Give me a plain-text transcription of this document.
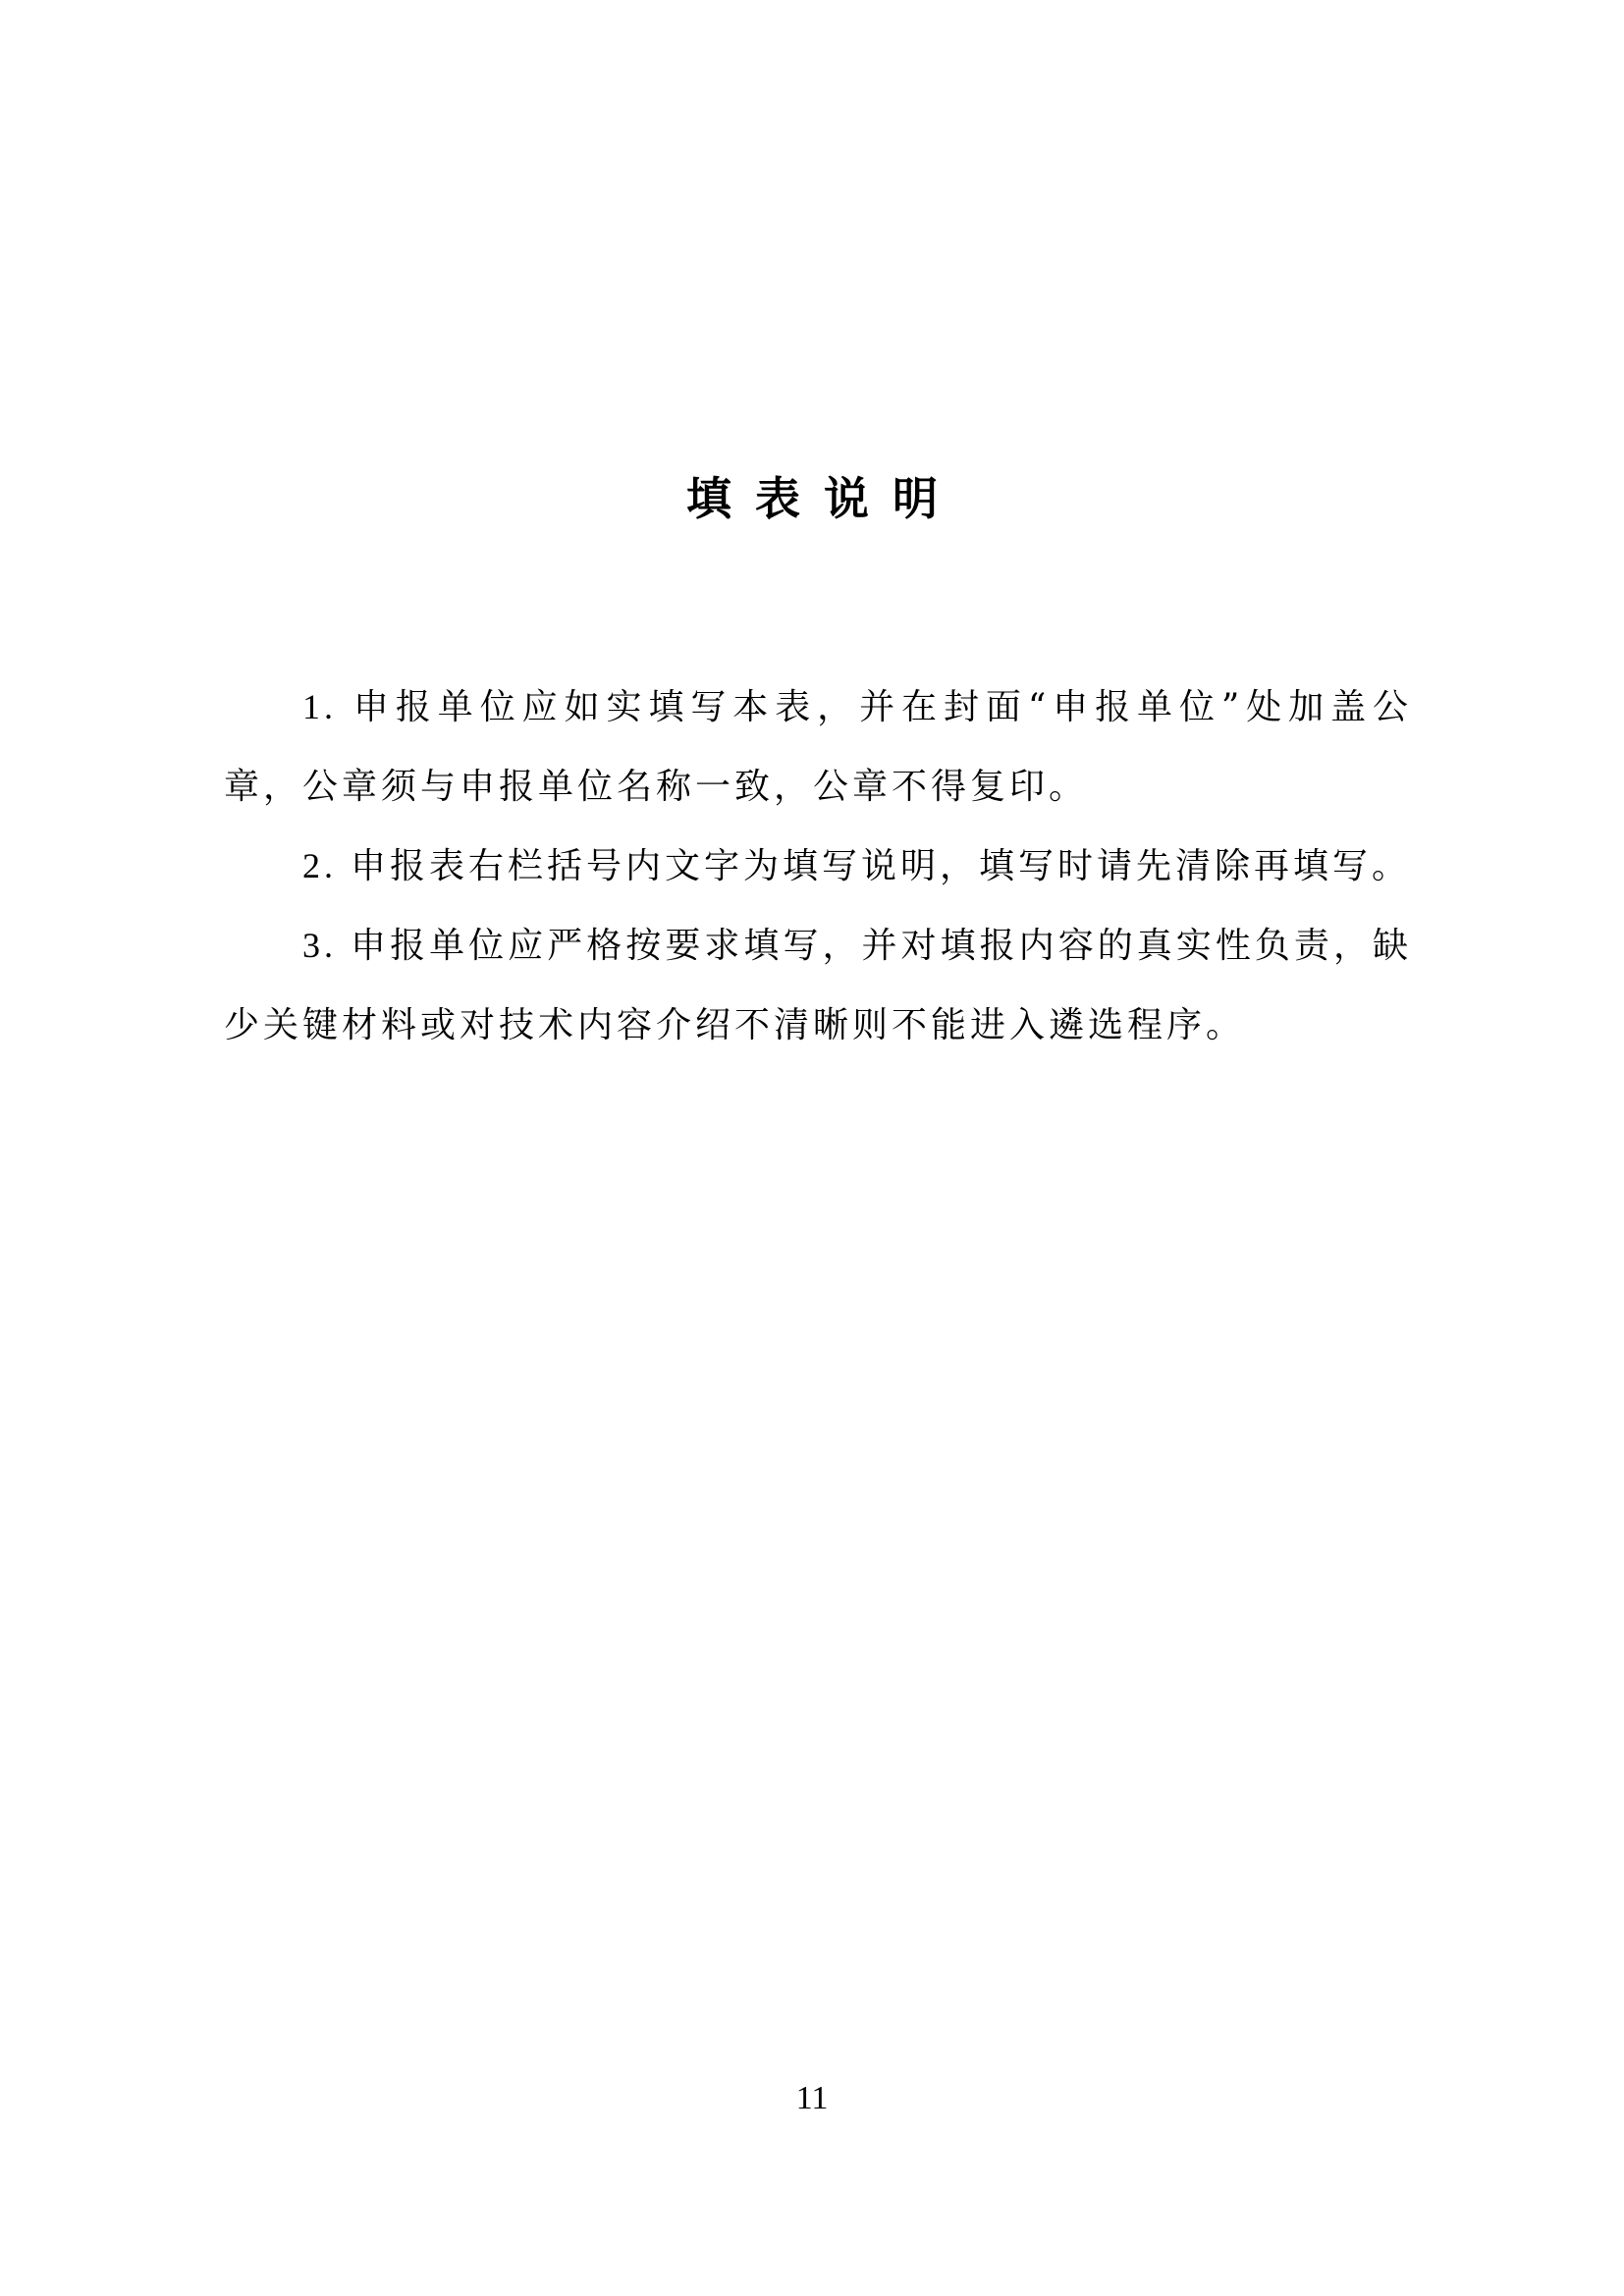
填表说明

1. 申报单位应如实填写本表，并在封面“申报单位”处加盖公章，公章须与申报单位名称一致，公章不得复印。

2. 申报表右栏括号内文字为填写说明，填写时请先清除再填写。

3. 申报单位应严格按要求填写，并对填报内容的真实性负责，缺少关键材料或对技术内容介绍不清晰则不能进入遴选程序。

11
